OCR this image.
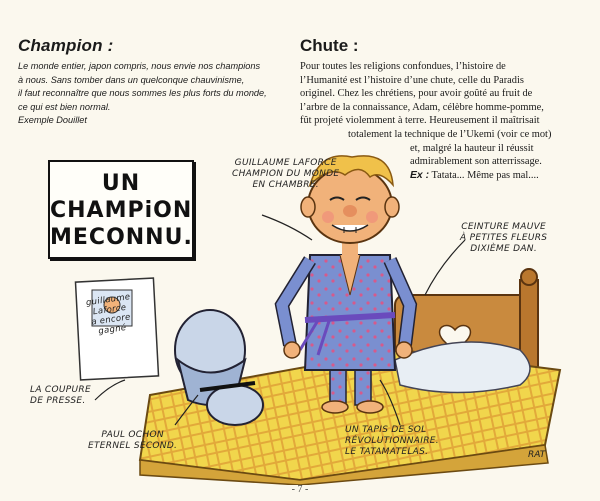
Champion :

Le monde entier, japon compris, nous envie nos champions

à nous. Sans tomber dans un quelconque chauvinisme,

il faut reconnaître que nous sommes les plus forts du monde,

ce qui est bien normal.

Exemple Douillet

Chute :
Pour toutes les religions confondues, l’histoire de
l’Humanité est l’histoire d’une chute, celle du Paradis
originel. Chez les chrétiens, pour avoir goûté au fruit de
l’arbre de la connaissance, Adam, célèbre homme-pomme,
fût projeté violemment à terre. Heureusement il maîtrisait
totalement la technique de l’Ukemi (voir ce mot)
et, malgré la hauteur il réussit
admirablement son atterrissage.
Ex : Tatata... Même pas mal....
RAT
UN
CHAMPiON
MECONNU.
GUILLAUME LAFORCE
CHAMPION DU MONDE
EN CHAMBRE.
CEINTURE MAUVE
À PETITES FLEURS
DIXIÈME DAN.
LA COUPURE
DE PRESSE.
PAUL OCHON
ETERNEL SECOND.
UN TAPIS DE SOL
RÉVOLUTIONNAIRE.
LE TATAMATELAS.
guillaume
Laforce
a encore
gagné
- 7 -
